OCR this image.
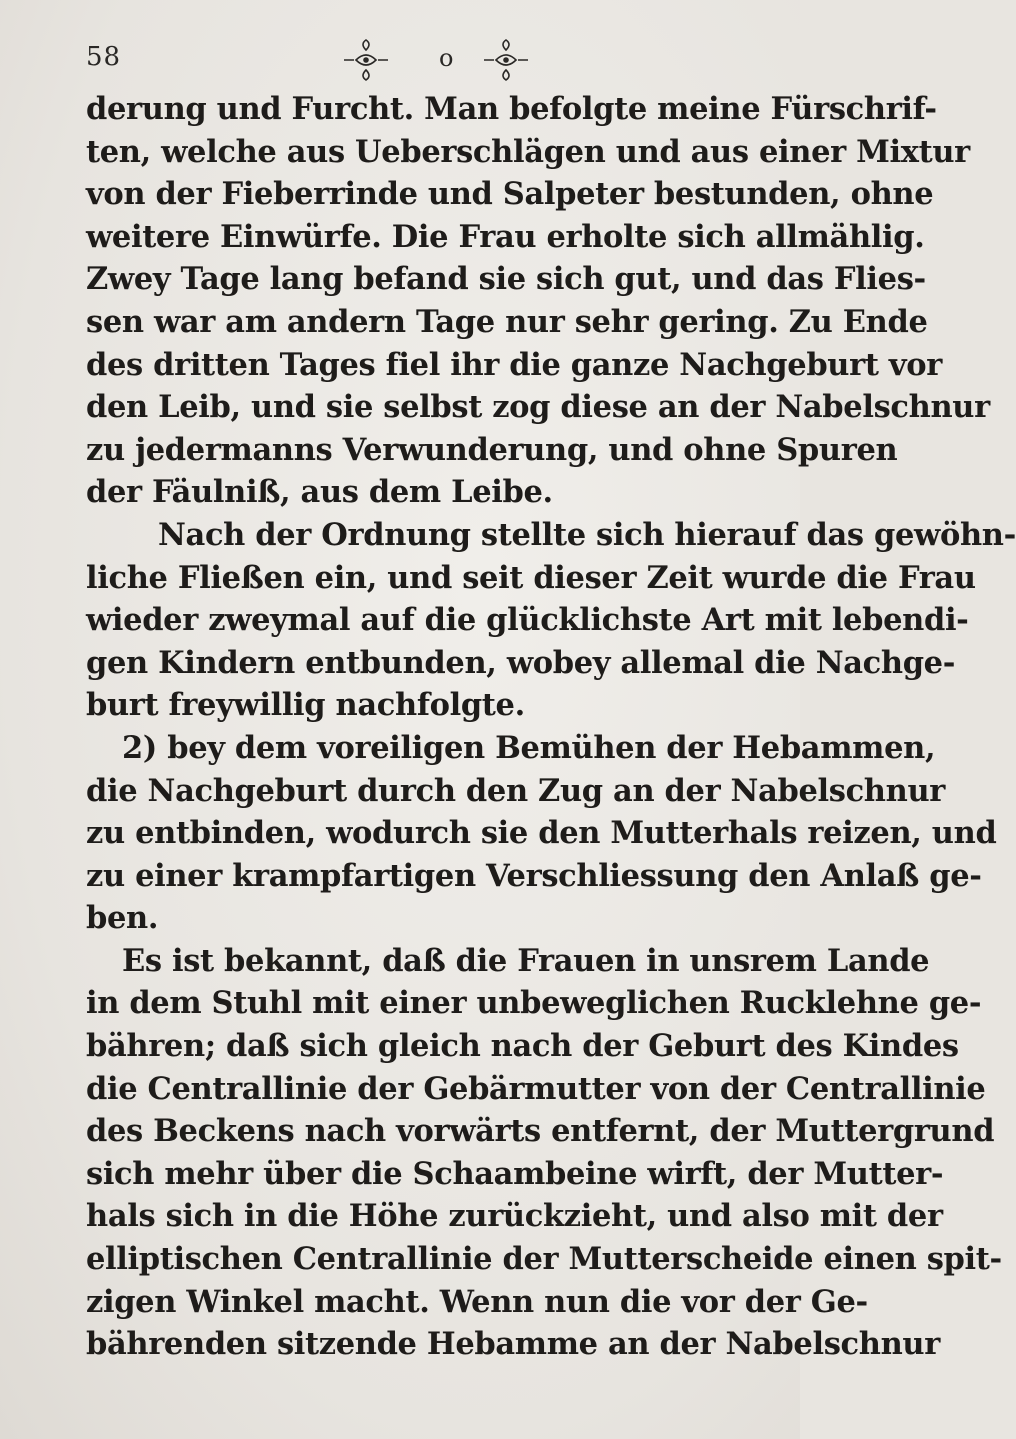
58	o
derung und Furcht. Man befolgte meine Fürschrif-
ten, welche aus Ueberschlägen und aus einer Mixtur
von der Fieberrinde und Salpeter bestunden, ohne
weitere Einwürfe. Die Frau erholte sich allmählig.
Zwey Tage lang befand sie sich gut, und das Flies-
sen war am andern Tage nur sehr gering. Zu Ende
des dritten Tages fiel ihr die ganze Nachgeburt vor
den Leib, und sie selbst zog diese an der Nabelschnur
zu jedermanns Verwunderung, und ohne Spuren
der Fäulniß, aus dem Leibe.
Nach der Ordnung stellte sich hierauf das gewöhn-
liche Fließen ein, und seit dieser Zeit wurde die Frau
wieder zweymal auf die glücklichste Art mit lebendi-
gen Kindern entbunden, wobey allemal die Nachge-
burt freywillig nachfolgte.
2) bey dem voreiligen Bemühen der Hebammen,
die Nachgeburt durch den Zug an der Nabelschnur
zu entbinden, wodurch sie den Mutterhals reizen, und
zu einer krampfartigen Verschliessung den Anlaß ge-
ben.
Es ist bekannt, daß die Frauen in unsrem Lande
in dem Stuhl mit einer unbeweglichen Rucklehne ge-
bähren; daß sich gleich nach der Geburt des Kindes
die Centrallinie der Gebärmutter von der Centrallinie
des Beckens nach vorwärts entfernt, der Muttergrund
sich mehr über die Schaambeine wirft, der Mutter-
hals sich in die Höhe zurückzieht, und also mit der
elliptischen Centrallinie der Mutterscheide einen spit-
zigen Winkel macht. Wenn nun die vor der Ge-
bährenden sitzende Hebamme an der Nabelschnur
